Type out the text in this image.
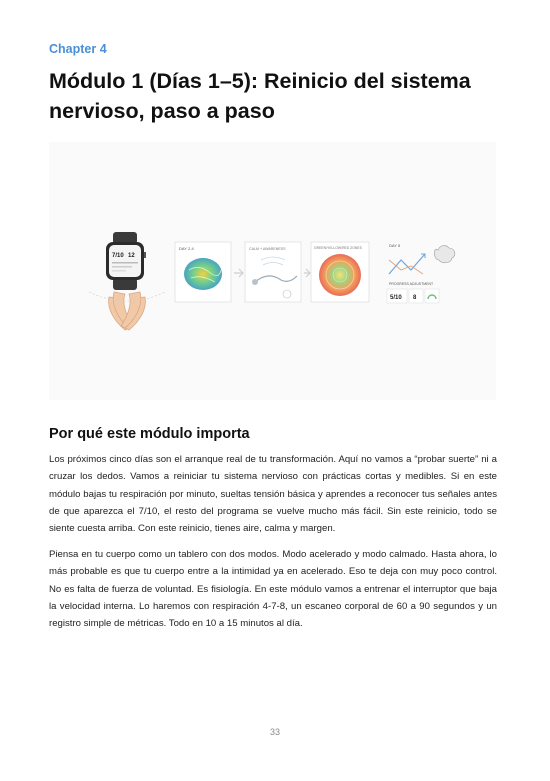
Chapter 4
Módulo 1 (Días 1–5): Reinicio del sistema nervioso, paso a paso
7/10 12
DAY 2-4	CALM + AWARENESS	GREEN/YELLOW/RED ZONES	DAY 5
PROGRESS ADJUSTMENT
5/10 8
Por qué este módulo importa

Los próximos cinco días son el arranque real de tu transformación. Aquí no vamos a “probar suerte” ni a cruzar los dedos. Vamos a reiniciar tu sistema nervioso con prácticas cortas y medibles. Si en este módulo bajas tu respiración por minuto, sueltas tensión básica y aprendes a reconocer tus señales antes de que aparezca el 7/10, el resto del programa se vuelve mucho más fácil. Sin este reinicio, todo se siente cuesta arriba. Con este reinicio, tienes aire, calma y margen.

Piensa en tu cuerpo como un tablero con dos modos. Modo acelerado y modo calmado. Hasta ahora, lo más probable es que tu cuerpo entre a la intimidad ya en acelerado. Eso te deja con muy poco control. No es falta de fuerza de voluntad. Es fisiología. En este módulo vamos a entrenar el interruptor que baja la velocidad interna. Lo haremos con respiración 4-7-8, un escaneo corporal de 60 a 90 segundos y un registro simple de métricas. Todo en 10 a 15 minutos al día.

33
